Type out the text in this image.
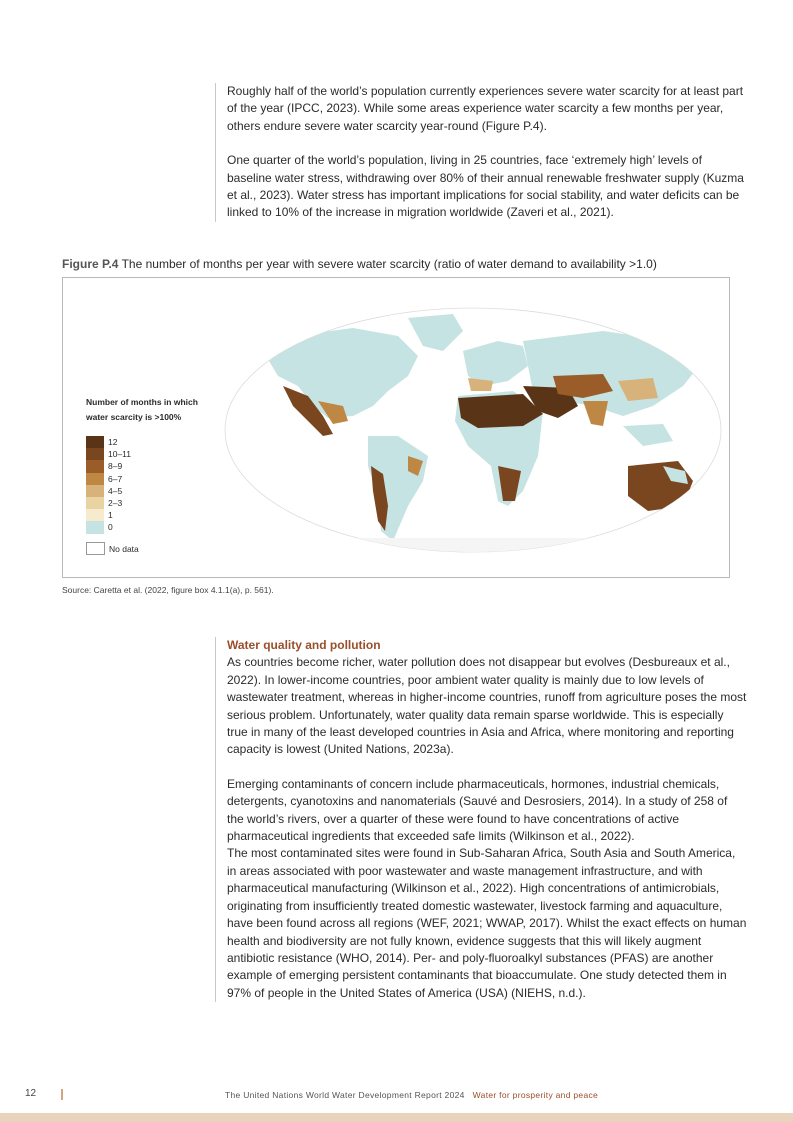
Roughly half of the world’s population currently experiences severe water scarcity for at least part of the year (IPCC, 2023). While some areas experience water scarcity a few months per year, others endure severe water scarcity year-round (Figure P.4).

One quarter of the world’s population, living in 25 countries, face ‘extremely high’ levels of baseline water stress, withdrawing over 80% of their annual renewable freshwater supply (Kuzma et al., 2023). Water stress has important implications for social stability, and water deficits can be linked to 10% of the increase in migration worldwide (Zaveri et al., 2021).

Figure P.4 The number of months per year with severe water scarcity (ratio of water demand to availability >1.0)
Number of months in which water scarcity is >100%
12
10–11
8–9
6–7
4–5
2–3
1
0
No data
Source: Caretta et al. (2022, figure box 4.1.1(a), p. 561).

Water quality and pollution

As countries become richer, water pollution does not disappear but evolves (Desbureaux et al., 2022). In lower-income countries, poor ambient water quality is mainly due to low levels of wastewater treatment, whereas in higher-income countries, runoff from agriculture poses the most serious problem. Unfortunately, water quality data remain sparse worldwide. This is especially true in many of the least developed countries in Asia and Africa, where monitoring and reporting capacity is lowest (United Nations, 2023a).

Emerging contaminants of concern include pharmaceuticals, hormones, industrial chemicals, detergents, cyanotoxins and nanomaterials (Sauvé and Desrosiers, 2014). In a study of 258 of the world’s rivers, over a quarter of these were found to have concentrations of active pharmaceutical ingredients that exceeded safe limits (Wilkinson et al., 2022).

The most contaminated sites were found in Sub-Saharan Africa, South Asia and South America, in areas associated with poor wastewater and waste management infrastructure, and with pharmaceutical manufacturing (Wilkinson et al., 2022). High concentrations of antimicrobials, originating from insufficiently treated domestic wastewater, livestock farming and aquaculture, have been found across all regions (WEF, 2021; WWAP, 2017). Whilst the exact effects on human health and biodiversity are not fully known, evidence suggests that this will likely augment antibiotic resistance (WHO, 2014). Per- and poly-fluoroalkyl substances (PFAS) are another example of emerging persistent contaminants that bioaccumulate. One study detected them in 97% of people in the United States of America (USA) (NIEHS, n.d.).

12	The United Nations World Water Development Report 2024 Water for prosperity and peace
